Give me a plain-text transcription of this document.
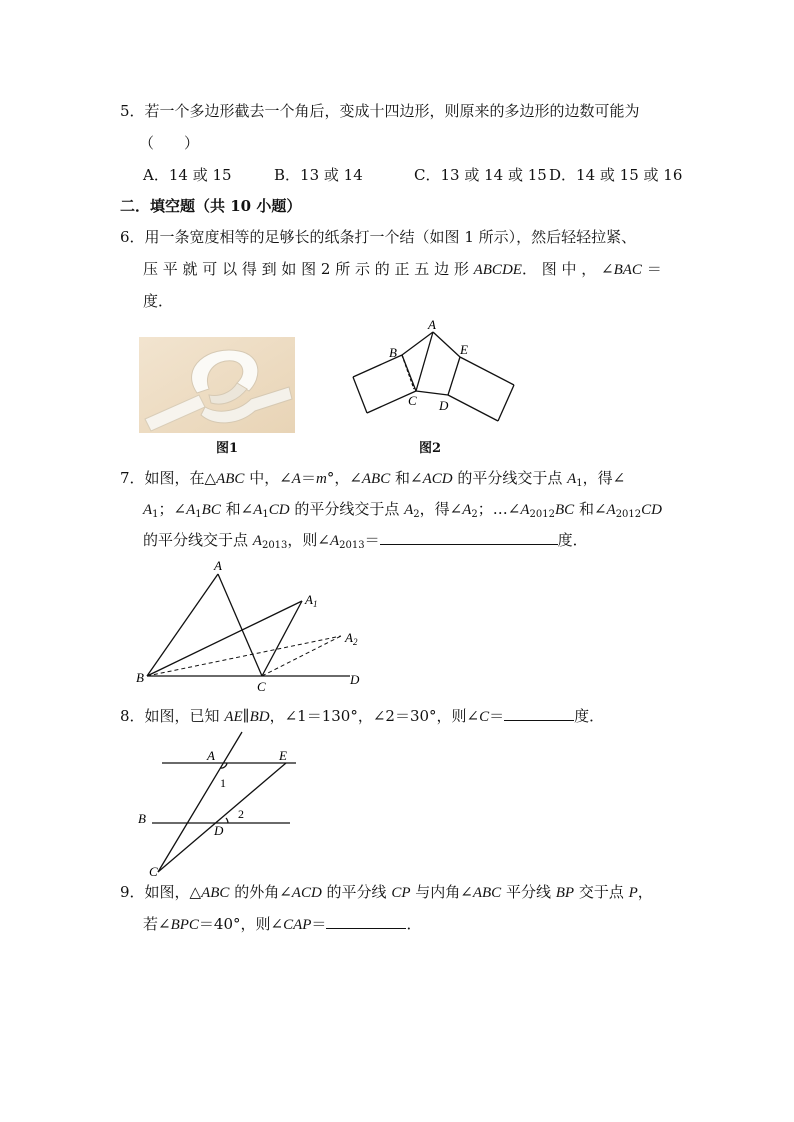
5．若一个多边形截去一个角后，变成十四边形，则原来的多边形的边数可能为
（　　）
A．14 或 15	B．13 或 14	C．13 或 14 或 15 D．14 或 15 或 16
二．填空题（共 10 小题）
6．用一条宽度相等的足够长的纸条打一个结（如图 1 所示），然后轻轻拉紧、
压 平 就 可 以 得 到 如 图 2 所 示 的 正 五 边 形 ABCDE． 图 中 ， ∠BAC ＝
度．
图1
A
B
C D
E
图2
7．如图，在△ABC 中，∠A＝m°，∠ABC 和∠ACD 的平分线交于点 $A_1$，得∠
$A_1$；$\angle A_1BC$ 和$\angle A_1CD$ 的平分线交于点 $A_2$，得$\angle A_2$；$\dots\angle A_{2012}BC$ 和$\angle A_{2012}CD$
的平分线交于点 $A_{2013}$，则$\angle A_{2013}=$	度．
A
$A_1$
$A_2$
B
C	D
8．如图，已知 AE∥BD，∠1＝130°，∠2＝30°，则∠C＝	度．
A	E
1
B	2
D
C
9．如图，△ABC 的外角∠ACD 的平分线 CP 与内角∠ABC 平分线 BP 交于点 P，
若∠BPC＝40°，则∠CAP＝	．
